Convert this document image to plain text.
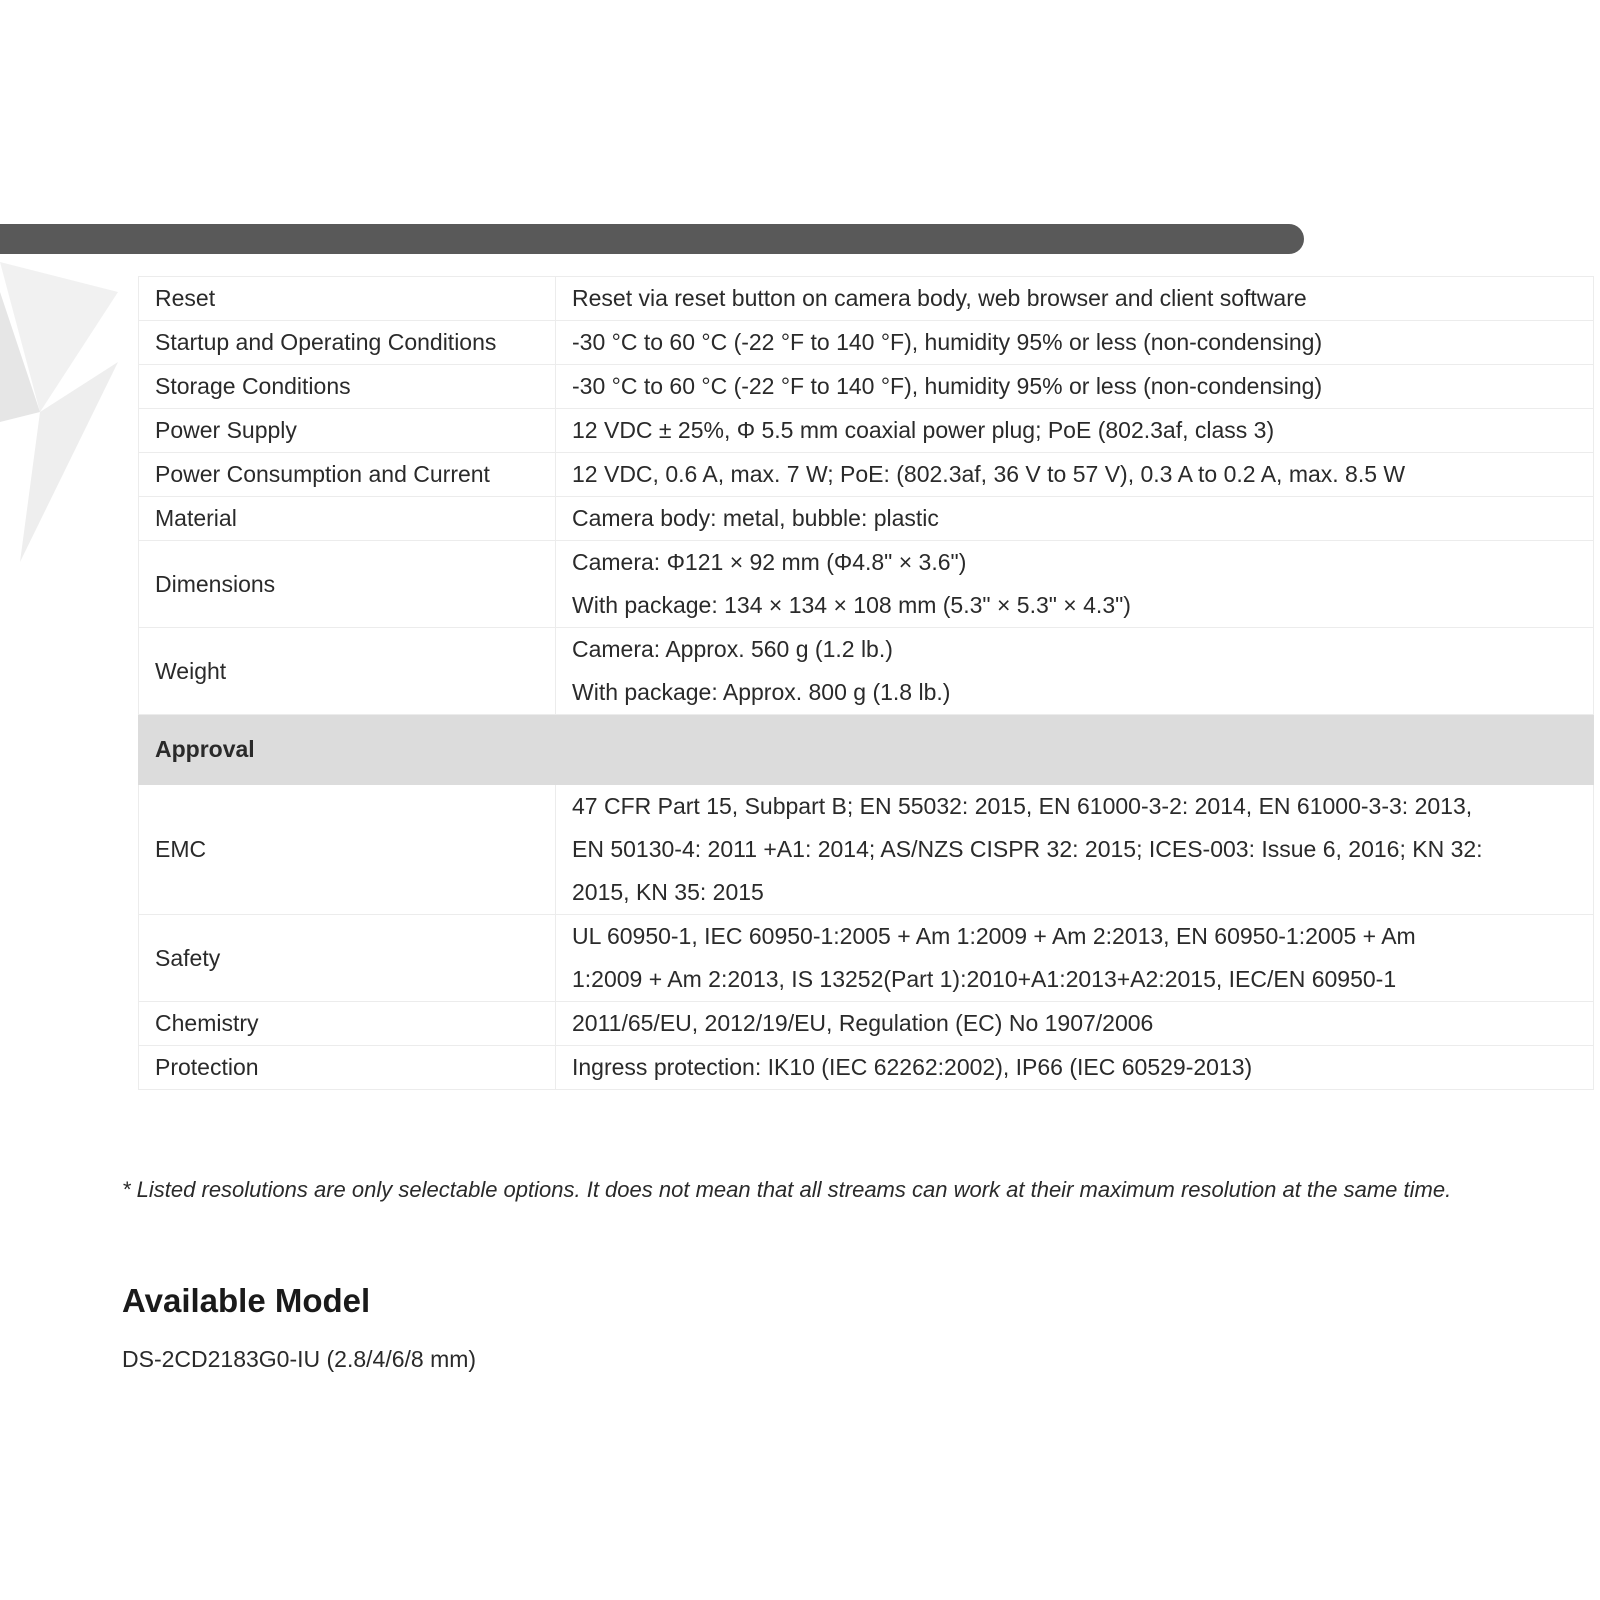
Reset	Reset via reset button on camera body, web browser and client software

Startup and Operating Conditions	-30 °C to 60 °C (-22 °F to 140 °F), humidity 95% or less (non-condensing)

Storage Conditions	-30 °C to 60 °C (-22 °F to 140 °F), humidity 95% or less (non-condensing)

Power Supply	12 VDC ± 25%, Φ 5.5 mm coaxial power plug; PoE (802.3af, class 3)

Power Consumption and Current	12 VDC, 0.6 A, max. 7 W; PoE: (802.3af, 36 V to 57 V), 0.3 A to 0.2 A, max. 8.5 W

Material	Camera body: metal, bubble: plastic

Dimensions	Camera: Φ121 × 92 mm (Φ4.8" × 3.6")
With package: 134 × 134 × 108 mm (5.3" × 5.3" × 4.3")

Weight	Camera: Approx. 560 g (1.2 lb.)
With package: Approx. 800 g (1.8 lb.)

Approval	
EMC	47 CFR Part 15, Subpart B; EN 55032: 2015, EN 61000-3-2: 2014, EN 61000-3-3: 2013,
EN 50130-4: 2011 +A1: 2014; AS/NZS CISPR 32: 2015; ICES-003: Issue 6, 2016; KN 32:
2015, KN 35: 2015

Safety	UL 60950-1, IEC 60950-1:2005 + Am 1:2009 + Am 2:2013, EN 60950-1:2005 + Am
1:2009 + Am 2:2013, IS 13252(Part 1):2010+A1:2013+A2:2015, IEC/EN 60950-1

Chemistry	2011/65/EU, 2012/19/EU, Regulation (EC) No 1907/2006

Protection	Ingress protection: IK10 (IEC 62262:2002), IP66 (IEC 60529-2013)
* Listed resolutions are only selectable options. It does not mean that all streams can work at their maximum resolution at the same time.
Available Model
DS-2CD2183G0-IU (2.8/4/6/8 mm)
